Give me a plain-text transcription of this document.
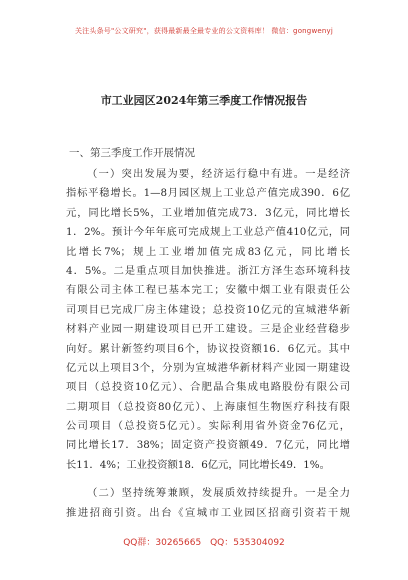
关注头条号"公文研究"，获得最新最全最专业的公文资料库！ 微信：gongwenyj
市工业园区2024年第三季度工作情况报告
一、第三季度工作开展情况
（一）突出发展为要，经济运行稳中有进。一是经济
指标平稳增长。1—8月园区规上工业总产值完成390．6亿
元，同比增长5%，工业增加值完成73．3亿元，同比增长
1．2%。预计今年年底可完成规上工业总产值410亿元，同
比增长7%；规上工业增加值完成83亿元，同比增长
4．5%。二是重点项目加快推进。浙江方泽生态环境科技
有限公司主体工程已基本完工；安徽中烟工业有限责任公
司项目已完成厂房主体建设；总投资10亿元的宣城港华新
材料产业园一期建设项目已开工建设。三是企业经营稳步
向好。累计新签约项目6个，协议投资额16．6亿元。其中
亿元以上项目3个，分别为宣城港华新材料产业园一期建设
项目（总投资10亿元）、合肥晶合集成电路股份有限公司
二期项目（总投资80亿元）、上海康恒生物医疗科技有限
公司项目（总投资5亿元）。实际利用省外资金76亿元，
同比增长17．38%；固定资产投资额49．7亿元，同比增
长11．4%；工业投资额18．6亿元，同比增长49．1%。
（二）坚持统筹兼顾，发展质效持续提升。一是全力
推进招商引资。出台《宣城市工业园区招商引资若干规
QQ群：30265665 QQ：535304092
